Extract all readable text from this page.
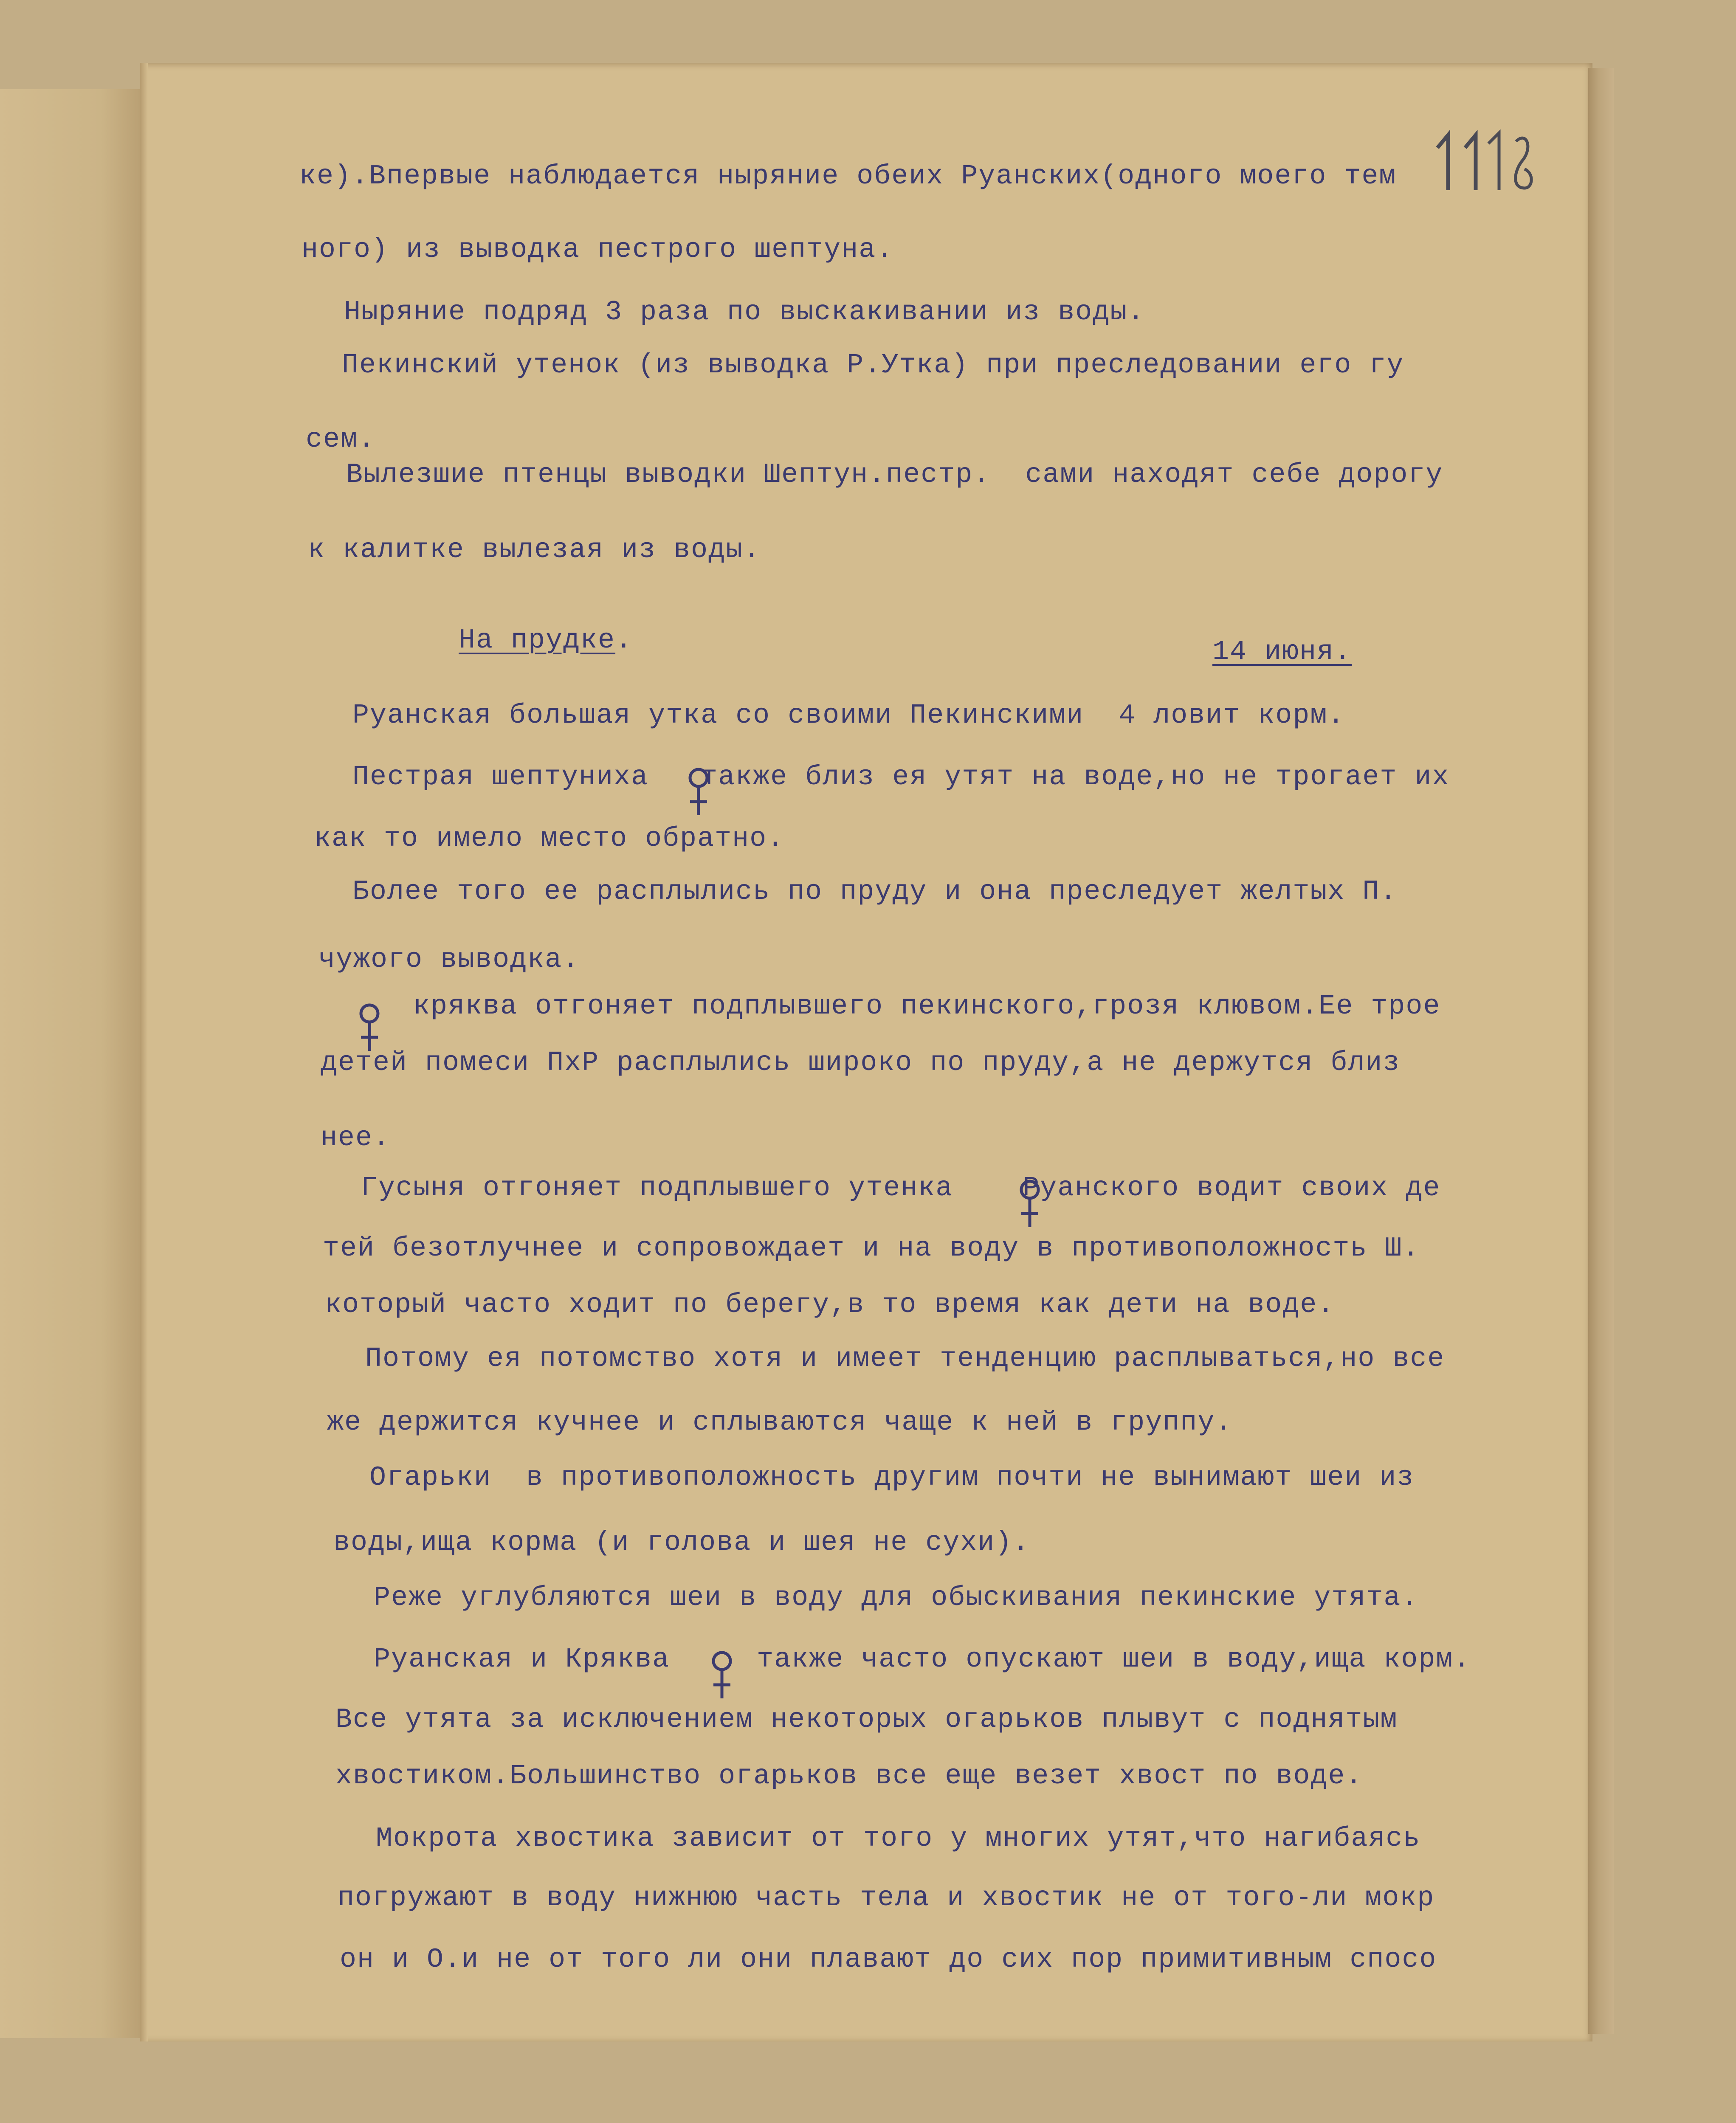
ке).Впервые наблюдается ныряние обеих Руанских(одного моего тем

ного) из выводка пестрого шептуна.

Ныряние подряд 3 раза по выскакивании из воды.

Пекинский утенок (из выводка Р.Утка) при преследовании его гу

сем.

Вылезшие птенцы выводки Шептун.пестр.  сами находят себе дорогу

к калитке вылезая из воды.

На прудке.	14 июня.

Руанская большая утка со своими Пекинскими  4 ловит корм.

Пестрая шептуниха   также близ ея утят на воде,но не трогает их

как то имело место обратно.

Более того ее расплылись по пруду и она преследует желтых П.

чужого выводка.

кряква отгоняет подплывшего пекинского,грозя клювом.Ее трое

детей помеси ПхР расплылись широко по пруду,а не держутся близ

нее.

Гусыня отгоняет подплывшего утенка    Руанского водит своих де

тей безотлучнее и сопровождает и на воду в противоположность Ш.

который часто ходит по берегу,в то время как дети на воде.

Потому ея потомство хотя и имеет тенденцию расплываться,но все

же держится кучнее и сплываются чаще к ней в группу.

Огарьки  в противоположность другим почти не вынимают шеи из

воды,ища корма (и голова и шея не сухи).

Реже углубляются шеи в воду для обыскивания пекинские утята.

Руанская и Кряква     также часто опускают шеи в воду,ища корм.

Все утята за исключением некоторых огарьков плывут с поднятым

хвостиком.Большинство огарьков все еще везет хвост по воде.

Мокрота хвостика зависит от того у многих утят,что нагибаясь

погружают в воду нижнюю часть тела и хвостик не от того-ли мокр

он и О.и не от того ли они плавают до сих пор примитивным спосо
